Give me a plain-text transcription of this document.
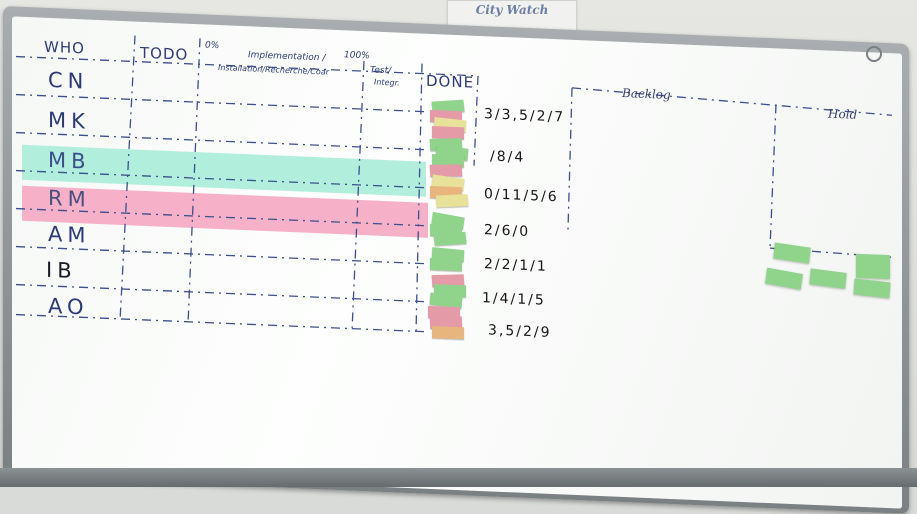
City Watch
WHO	TODO 0%
Implementation / 100%
Installation/Recherche/Coar	Test/
Integr. DONE
CN
MK
MB
RM
AM
IB
AO
3/3,5/2/7
/8/4
0/11/5/6
2/6/0
2/2/1/1
1/4/1/5
3,5/2/9
Backlog
Hold
